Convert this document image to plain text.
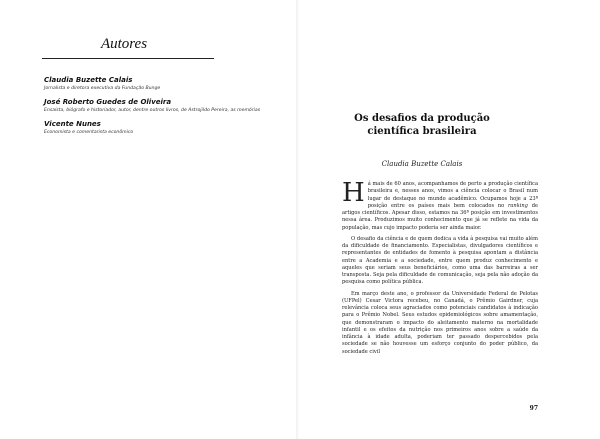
Autores
Claudia Buzette Calais
Jornalista e diretora executiva da Fundação Bunge
José Roberto Guedes de Oliveira
Ensaísta, biógrafo e historiador, autor, dentre outros livros, de Astrojildo Pereira, as memórias
Vicente Nunes
Economista e comentarista econômico
Os desafios da produção
científica brasileira
Claudia Buzette Calais

Há mais de 60 anos, acompanhamos de perto a produção científica brasileira e, nesses anos, vimos a ciência colocar o Brasil num lugar de destaque no mundo acadêmico. Ocupamos hoje a 23ª posição entre os países mais bem colocados no ranking de artigos científicos. Apesar disso, estamos na 36ª posição em investimentos nessa área. Produzimos muito conhecimento que já se reflete na vida da população, mas cujo impacto poderia ser ainda maior.

O desafio da ciência e de quem dedica a vida à pesquisa vai muito além da dificuldade de financiamento. Especialistas, divulgadores científicos e representantes de entidades de fomento à pesquisa apontam a distância entre a Academia e a sociedade, entre quem produz conhecimento e aqueles que seriam seus beneficiários, como uma das barreiras a ser transposta. Seja pela dificuldade de comunicação, seja pela não adoção da pesquisa como política pública.

Em março deste ano, o professor da Universidade Federal de Pelotas (UFPel) Cesar Victora recebeu, no Canadá, o Prêmio Gairdner, cuja relevância coloca seus agraciados como potenciais candidatos à indicação para o Prêmio Nobel. Seus estudos epidemiológicos sobre amamentação, que demonstraram o impacto do aleitamento materno na mortalidade infantil e os efeitos da nutrição nos primeiros anos sobre a saúde da infância à idade adulta, poderiam ter passado despercebidos pela sociedade se não houvesse um esforço conjunto do poder público, da sociedade civil

97
